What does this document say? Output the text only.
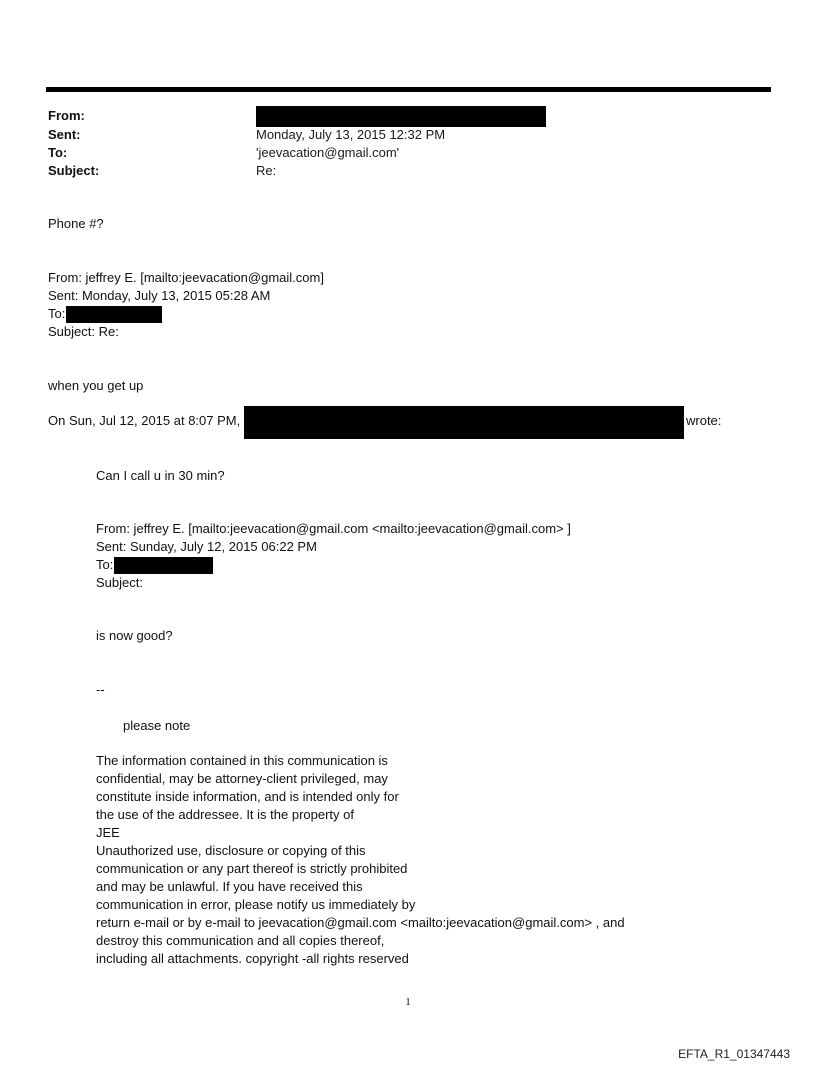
From:
Sent:	Monday, July 13, 2015 12:32 PM
To:	'jeevacation@gmail.com'
Subject:	Re:
Phone #?
From: jeffrey E. [mailto:jeevacation@gmail.com]
Sent: Monday, July 13, 2015 05:28 AM
To:
Subject: Re:
when you get up
On Sun, Jul 12, 2015 at 8:07 PM,	wrote:
Can I call u in 30 min?
From: jeffrey E. [mailto:jeevacation@gmail.com <mailto:jeevacation@gmail.com> ]
Sent: Sunday, July 12, 2015 06:22 PM
To:
Subject:
is now good?
--
please note
The information contained in this communication is
confidential, may be attorney-client privileged, may
constitute inside information, and is intended only for
the use of the addressee. It is the property of
JEE
Unauthorized use, disclosure or copying of this
communication or any part thereof is strictly prohibited
and may be unlawful. If you have received this
communication in error, please notify us immediately by
return e-mail or by e-mail to jeevacation@gmail.com <mailto:jeevacation@gmail.com> , and
destroy this communication and all copies thereof,
including all attachments. copyright -all rights reserved
1
EFTA_R1_01347443
